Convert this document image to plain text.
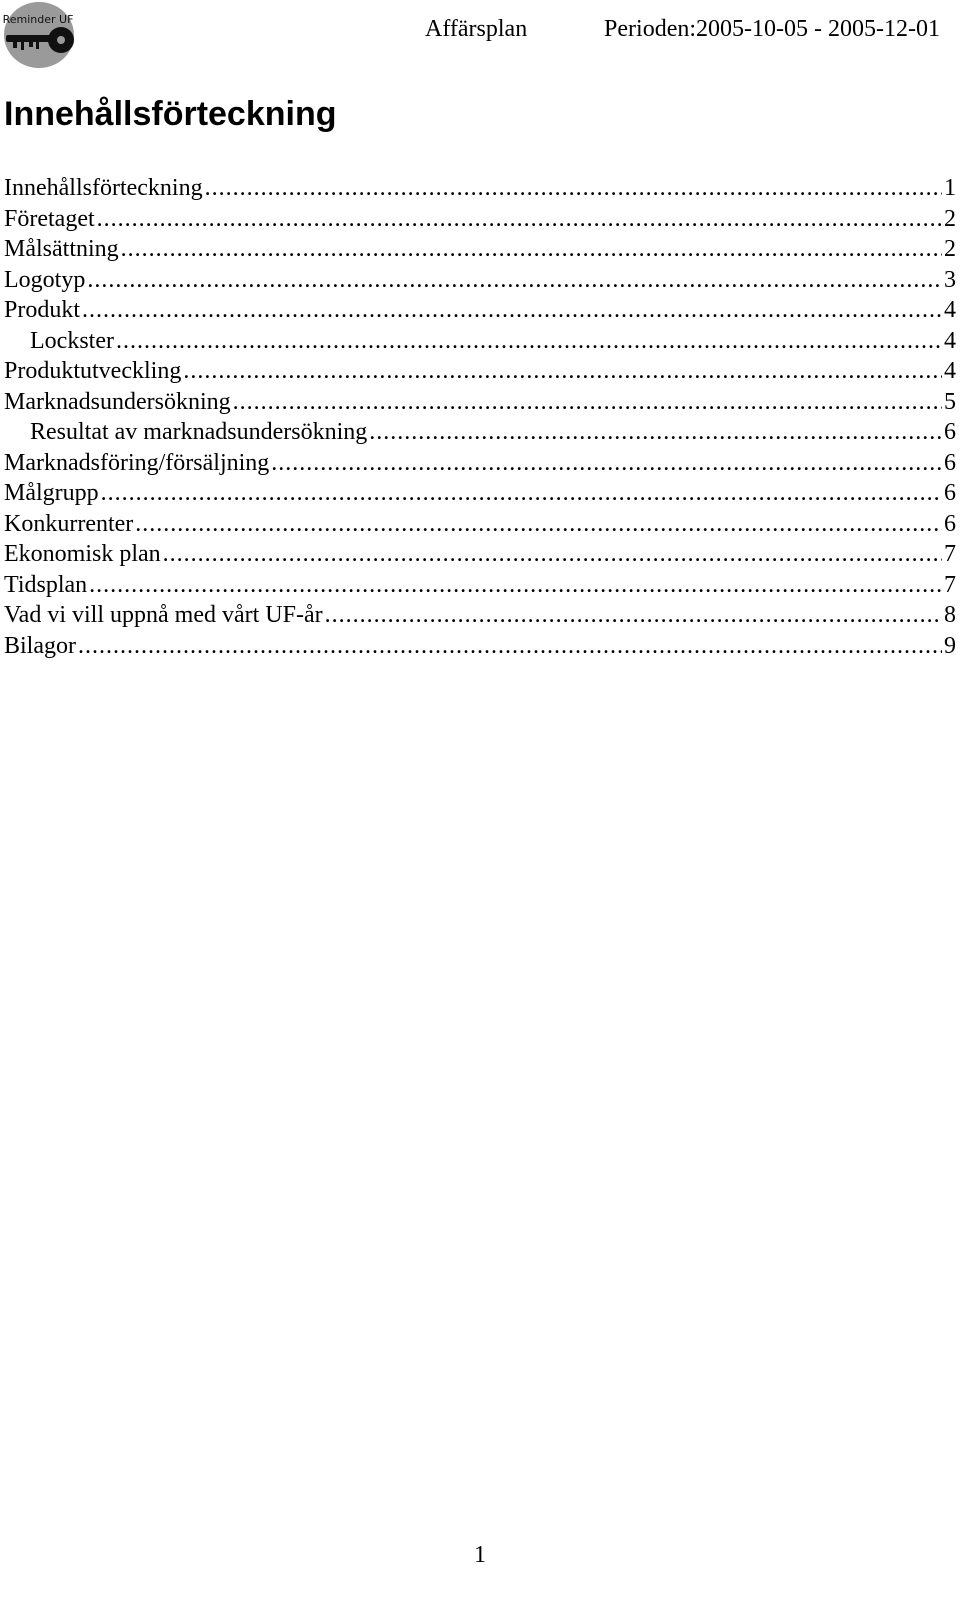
Reminder UF	Affärsplan	Perioden:2005-10-05 - 2005-12-01
Innehållsförteckning
Innehållsförteckning .....	1
Företaget .....	2
Målsättning .....	2
Logotyp .....	3
Produkt .....	4
Lockster .....	4
Produktutveckling .....	4
Marknadsundersökning .....	5
Resultat av marknadsundersökning .....	6
Marknadsföring/försäljning .....	6
Målgrupp .....	6
Konkurrenter .....	6
Ekonomisk plan .....	7
Tidsplan .....	7
Vad vi vill uppnå med vårt UF-år .....	8
Bilagor .....	9
1
